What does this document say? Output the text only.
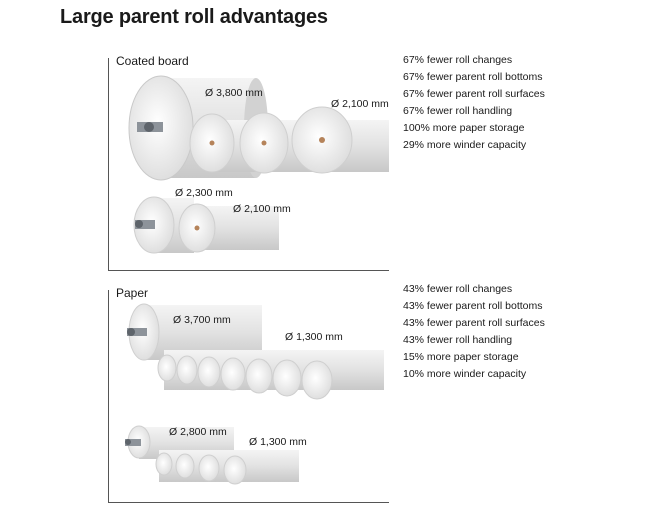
Large parent roll advantages
Coated board
Ø 3,800 mm
Ø 2,100 mm
Ø 2,300 mm
Ø 2,100 mm
67% fewer roll changes
67% fewer parent roll bottoms
67% fewer parent roll surfaces
67% fewer roll handling
100% more paper storage
29% more winder capacity
Paper
Ø 3,700 mm
Ø 1,300 mm
Ø 2,800 mm
Ø 1,300 mm
43% fewer roll changes
43% fewer parent roll bottoms
43% fewer parent roll surfaces
43% fewer roll handling
15% more paper storage
10% more winder capacity
